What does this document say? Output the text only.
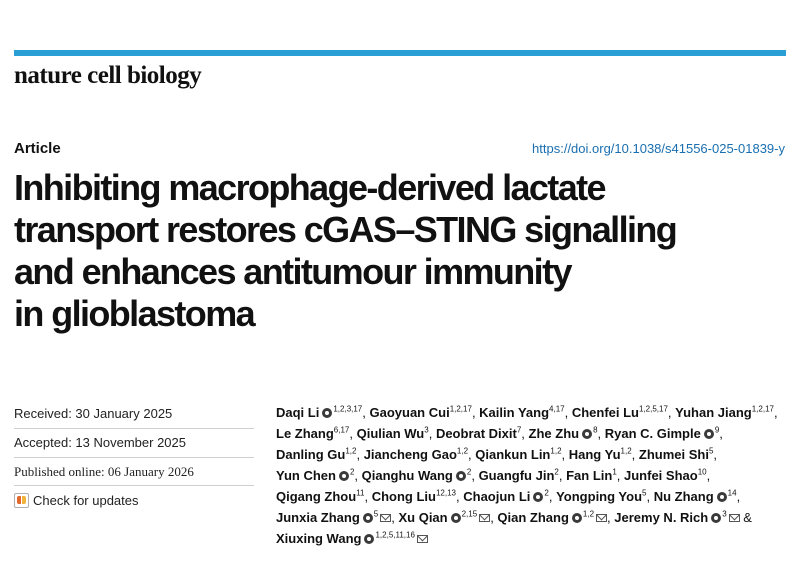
nature cell biology
Article	https://doi.org/10.1038/s41556-025-01839-y
Inhibiting macrophage-derived lactate
transport restores cGAS–STING signalling
and enhances antitumour immunity
in glioblastoma
Received: 30 January 2025
Accepted: 13 November 2025
Published online: 06 January 2026
Check for updates
Daqi Li $^{1,2,3,17}$, Gaoyuan Cui$^{1,2,17}$, Kailin Yang$^{4,17}$, Chenfei Lu$^{1,2,5,17}$, Yuhan Jiang$^{1,2,17}$,
Le Zhang$^{6,17}$, Qiulian Wu$^3$, Deobrat Dixit$^7$, Zhe Zhu $^8$, Ryan C. Gimple $^9$,
Danling Gu$^{1,2}$, Jiancheng Gao$^{1,2}$, Qiankun Lin$^{1,2}$, Hang Yu$^{1,2}$, Zhumei Shi$^5$,
Yun Chen $^2$, Qianghu Wang $^2$, Guangfu Jin$^2$, Fan Lin$^1$, Junfei Shao$^{10}$,
Qigang Zhou$^{11}$, Chong Liu$^{12,13}$, Chaojun Li $^2$, Yongping You$^5$, Nu Zhang $^{14}$,
Junxia Zhang $^5$ , Xu Qian $^{2,15}$ , Qian Zhang $^{1,2}$ , Jeremy N. Rich $^3$ &
Xiuxing Wang $^{1,2,5,11,16}$
